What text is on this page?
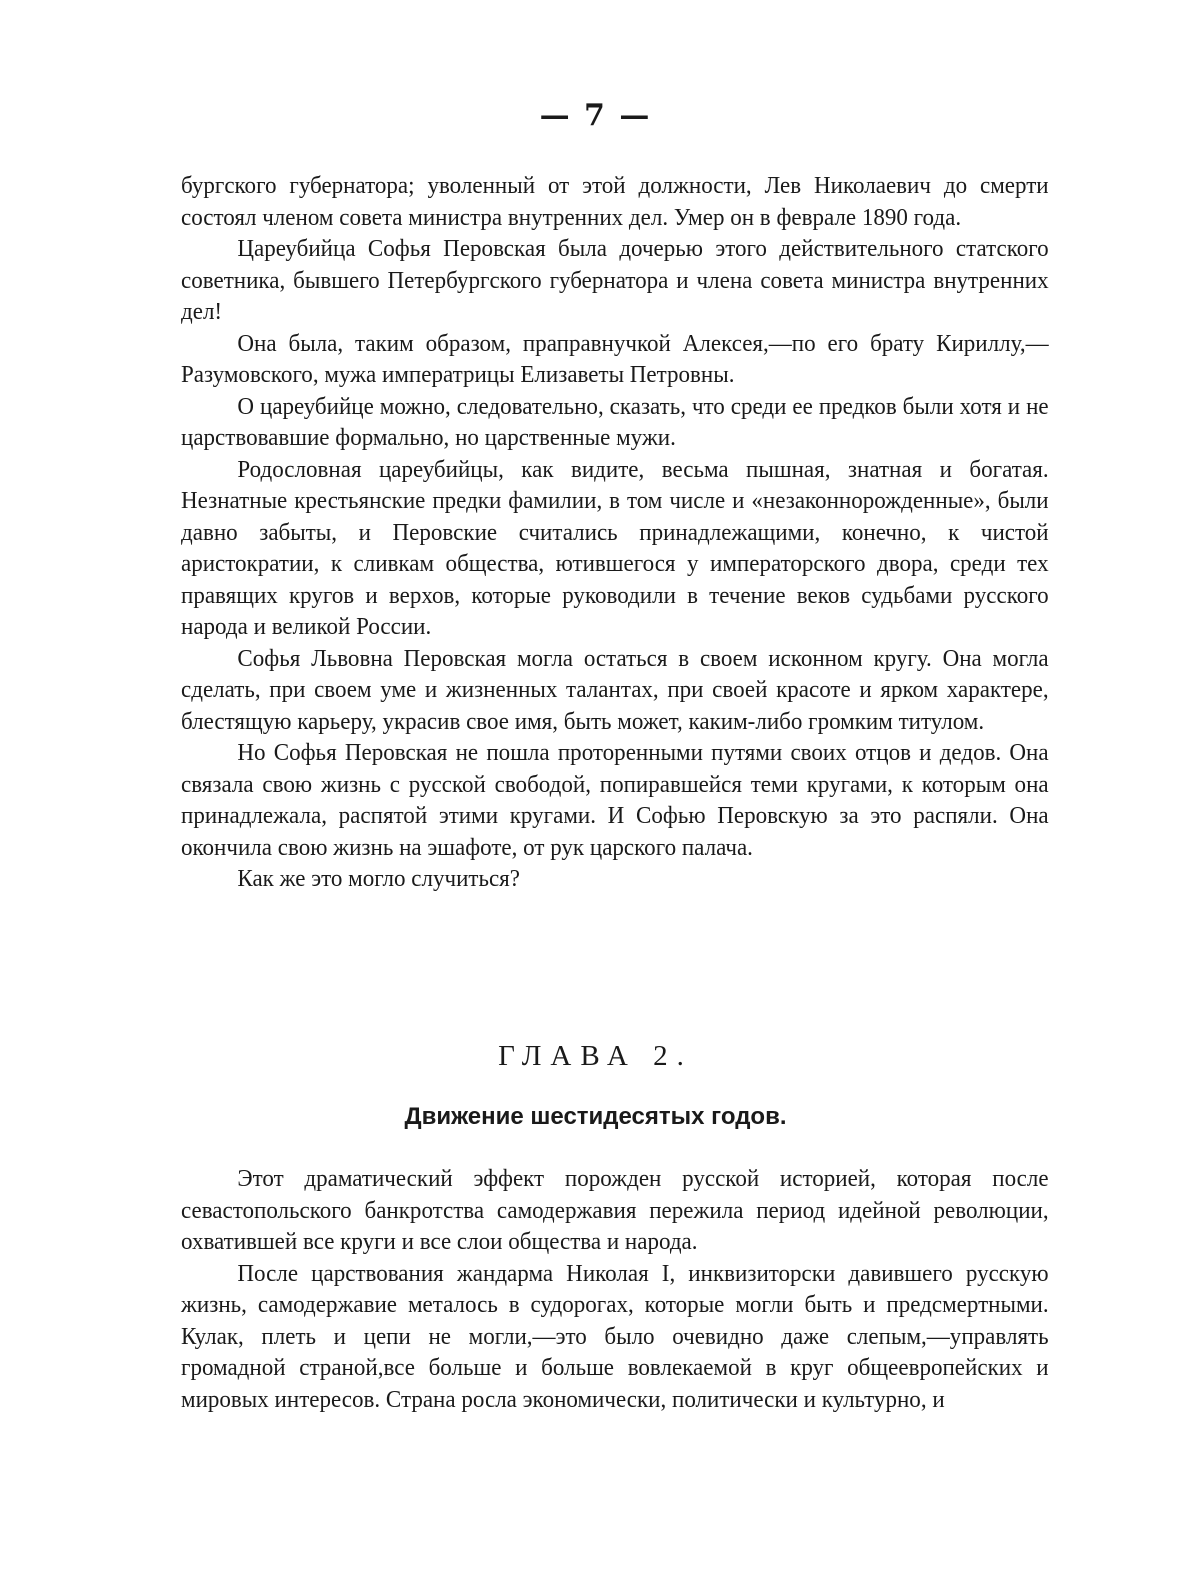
— 7 —

бургского губернатора; уволенный от этой должности, Лев Николаевич до смерти состоял членом совета министра внутренних дел. Умер он в феврале 1890 года.

Цареубийца Софья Перовская была дочерью этого действительного статского советника, бывшего Петербургского губернатора и члена совета министра внутренних дел!

Она была, таким образом, праправнучкой Алексея,—по его брату Кириллу,—Разумовского, мужа императрицы Елизаветы Петровны.

О цареубийце можно, следовательно, сказать, что среди ее предков были хотя и не царствовавшие формально, но царственные мужи.

Родословная цареубийцы, как видите, весьма пышная, знатная и богатая. Незнатные крестьянские предки фамилии, в том числе и «незаконнорожденные», были давно забыты, и Перовские считались принадлежащими, конечно, к чистой аристократии, к сливкам общества, ютившегося у императорского двора, среди тех правящих кругов и верхов, которые руководили в течение веков судьбами русского народа и великой России.

Софья Львовна Перовская могла остаться в своем исконном кругу. Она могла сделать, при своем уме и жизненных талантах, при своей красоте и ярком характере, блестящую карьеру, украсив свое имя, быть может, каким-либо громким титулом.

Но Софья Перовская не пошла проторенными путями своих отцов и дедов. Она связала свою жизнь с русской свободой, попиравшейся теми кругами, к которым она принадлежала, распятой этими кругами. И Софью Перовскую за это распяли. Она окончила свою жизнь на эшафоте, от рук царского палача.

Как же это могло случиться?

ГЛАВА 2.
Движение шестидесятых годов.

Этот драматический эффект порожден русской историей, которая после севастопольского банкротства самодержавия пережила период идейной революции, охватившей все круги и все слои общества и народа.

После царствования жандарма Николая I, инквизиторски давившего русскую жизнь, самодержавие металось в судорогах, которые могли быть и предсмертными. Кулак, плеть и цепи не могли,—это было очевидно даже слепым,—управлять громадной страной,все больше и больше вовлекаемой в круг общеевропейских и мировых интересов. Страна росла экономически, политически и культурно, и
